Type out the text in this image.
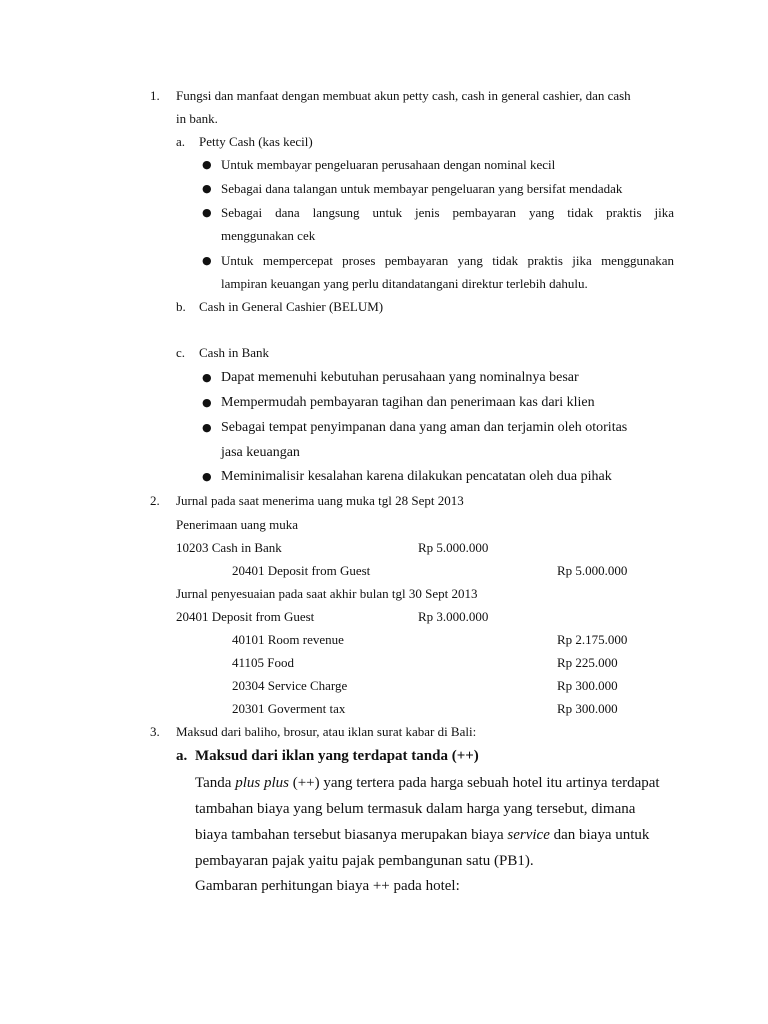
1. Fungsi dan manfaat dengan membuat akun petty cash, cash in general cashier, dan cash
in bank.
a. Petty Cash (kas kecil)
● Untuk membayar pengeluaran perusahaan dengan nominal kecil
● Sebagai dana talangan untuk membayar pengeluaran yang bersifat mendadak
● Sebagai dana langsung untuk jenis pembayaran yang tidak praktis jika
menggunakan cek
● Untuk mempercepat proses pembayaran yang tidak praktis jika menggunakan
lampiran keuangan yang perlu ditandatangani direktur terlebih dahulu.
b. Cash in General Cashier (BELUM)
c. Cash in Bank
● Dapat memenuhi kebutuhan perusahaan yang nominalnya besar
● Mempermudah pembayaran tagihan dan penerimaan kas dari klien
● Sebagai tempat penyimpanan dana yang aman dan terjamin oleh otoritas
jasa keuangan
● Meminimalisir kesalahan karena dilakukan pencatatan oleh dua pihak
2. Jurnal pada saat menerima uang muka tgl 28 Sept 2013
Penerimaan uang muka
10203 Cash in Bank	Rp 5.000.000
20401 Deposit from Guest	Rp 5.000.000
Jurnal penyesuaian pada saat akhir bulan tgl 30 Sept 2013
20401 Deposit from Guest	Rp 3.000.000
40101 Room revenue	Rp 2.175.000
41105 Food	Rp 225.000
20304 Service Charge	Rp 300.000
20301 Goverment tax	Rp 300.000
3. Maksud dari baliho, brosur, atau iklan surat kabar di Bali:
a. Maksud dari iklan yang terdapat tanda (++)
Tanda plus plus (++) yang tertera pada harga sebuah hotel itu artinya terdapat
tambahan biaya yang belum termasuk dalam harga yang tersebut, dimana
biaya tambahan tersebut biasanya merupakan biaya service dan biaya untuk
pembayaran pajak yaitu pajak pembangunan satu (PB1).
Gambaran perhitungan biaya ++ pada hotel:
